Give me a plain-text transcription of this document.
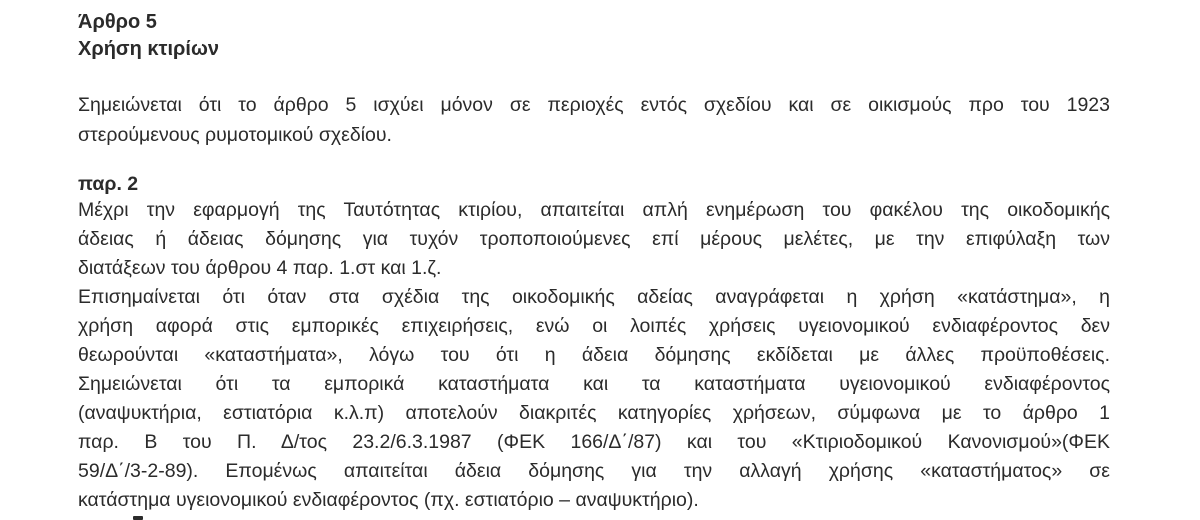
Άρθρο 5
Χρήση κτιρίων
Σημειώνεται ότι το άρθρο 5 ισχύει μόνον σε περιοχές εντός σχεδίου και σε οικισμούς προ του 1923
στερούμενους ρυμοτομικού σχεδίου.
παρ. 2
Μέχρι την εφαρμογή της Ταυτότητας κτιρίου, απαιτείται απλή ενημέρωση του φακέλου της οικοδομικής
άδειας ή άδειας δόμησης για τυχόν τροποποιούμενες επί μέρους μελέτες, με την επιφύλαξη των
διατάξεων του άρθρου 4 παρ. 1.στ και 1.ζ.
Επισημαίνεται ότι όταν στα σχέδια της οικοδομικής αδείας αναγράφεται η χρήση «κατάστημα», η
χρήση αφορά στις εμπορικές επιχειρήσεις, ενώ οι λοιπές χρήσεις υγειονομικού ενδιαφέροντος δεν
θεωρούνται «καταστήματα», λόγω του ότι η άδεια δόμησης εκδίδεται με άλλες προϋποθέσεις.
Σημειώνεται ότι τα εμπορικά καταστήματα και τα καταστήματα υγειονομικού ενδιαφέροντος
(αναψυκτήρια, εστιατόρια κ.λ.π) αποτελούν διακριτές κατηγορίες χρήσεων, σύμφωνα με το άρθρο 1
παρ. Β του Π. Δ/τος 23.2/6.3.1987 (ΦΕΚ 166/Δ΄/87) και του «Κτιριοδομικού Κανονισμού»(ΦΕΚ
59/Δ΄/3-2-89). Επομένως απαιτείται άδεια δόμησης για την αλλαγή χρήσης «καταστήματος» σε
κατάστημα υγειονομικού ενδιαφέροντος (πχ. εστιατόριο – αναψυκτήριο).
